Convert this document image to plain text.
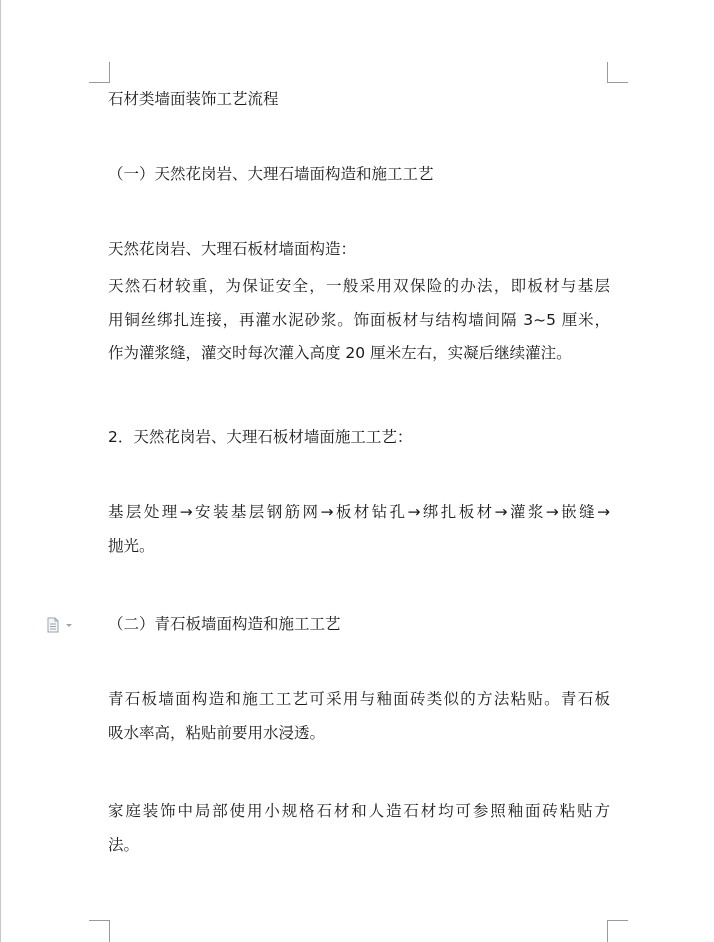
石材类墙面装饰工艺流程

（一）天然花岗岩、大理石墙面构造和施工工艺

天然花岗岩、大理石板材墙面构造：

天然石材较重，为保证安全，一般采用双保险的办法，即板材与基层
用铜丝绑扎连接，再灌水泥砂浆。饰面板材与结构墙间隔 3~5 厘米，
作为灌浆缝，灌交时每次灌入高度 20 厘米左右，实凝后继续灌注。

2．天然花岗岩、大理石板材墙面施工工艺：

基层处理→安装基层钢筋网→板材钻孔→绑扎板材→灌浆→嵌缝→
抛光。

（二）青石板墙面构造和施工工艺

青石板墙面构造和施工工艺可采用与釉面砖类似的方法粘贴。青石板
吸水率高，粘贴前要用水浸透。
家庭装饰中局部使用小规格石材和人造石材均可参照釉面砖粘贴方
法。
